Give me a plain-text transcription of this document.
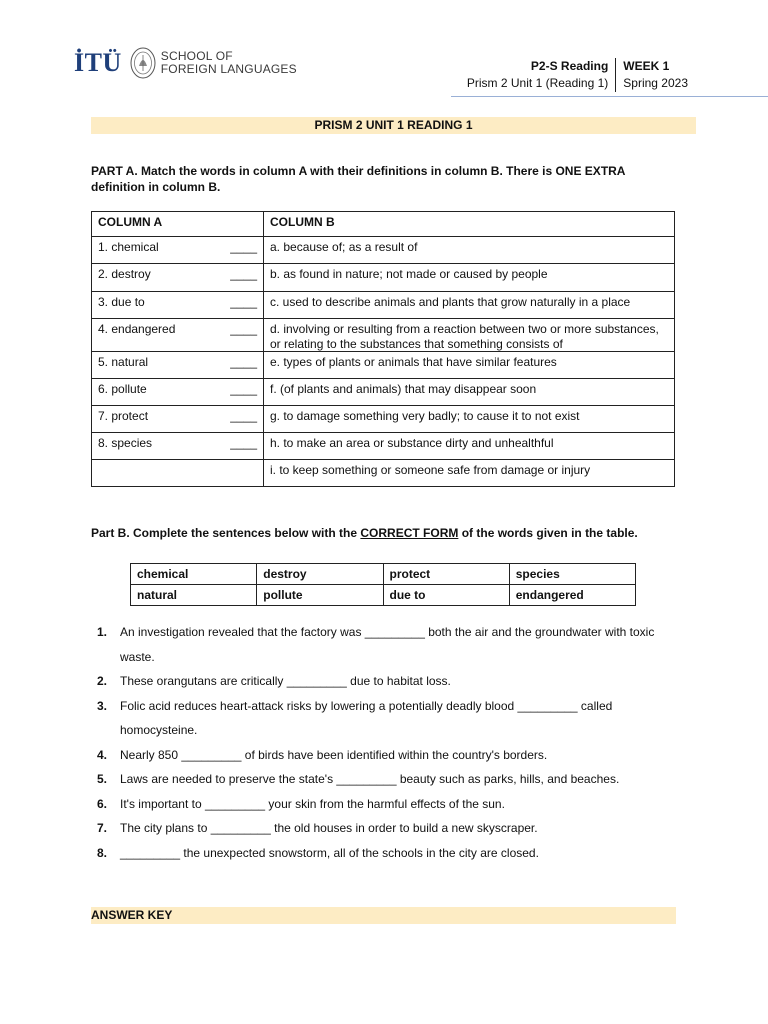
İTÜ	SCHOOL OF
FOREIGN LANGUAGES	P2-S Reading
Prism 2 Unit 1 (Reading 1)
WEEK 1
Spring 2023
PRISM 2 UNIT 1 READING 1
PART A. Match the words in column A with their definitions in column B. There is ONE EXTRA definition in column B.
COLUMN A	COLUMN B
1. chemical ____	a. because of; as a result of
2. destroy ____	b. as found in nature; not made or caused by people
3. due to ____	c. used to describe animals and plants that grow naturally in a place
4. endangered ____	d. involving or resulting from a reaction between two or more substances, or relating to the substances that something consists of

5. natural ____	e. types of plants or animals that have similar features
6. pollute ____	f. (of plants and animals) that may disappear soon
7. protect ____	g. to damage something very badly; to cause it to not exist
8. species ____	h. to make an area or substance dirty and unhealthful
	i. to keep something or someone safe from damage or injury
Part B. Complete the sentences below with the CORRECT FORM of the words given in the table.
chemical	destroy	protect	species
natural	pollute	due to	endangered
1.	An investigation revealed that the factory was _________ both the air and the groundwater with toxic waste.
2.	These orangutans are critically _________ due to habitat loss.
3.	Folic acid reduces heart-attack risks by lowering a potentially deadly blood _________ called homocysteine.
4.	Nearly 850 _________ of birds have been identified within the country's borders.
5.	Laws are needed to preserve the state's _________ beauty such as parks, hills, and beaches.
6.	It's important to _________ your skin from the harmful effects of the sun.
7.	The city plans to _________ the old houses in order to build a new skyscraper.
8.	_________ the unexpected snowstorm, all of the schools in the city are closed.
ANSWER KEY
